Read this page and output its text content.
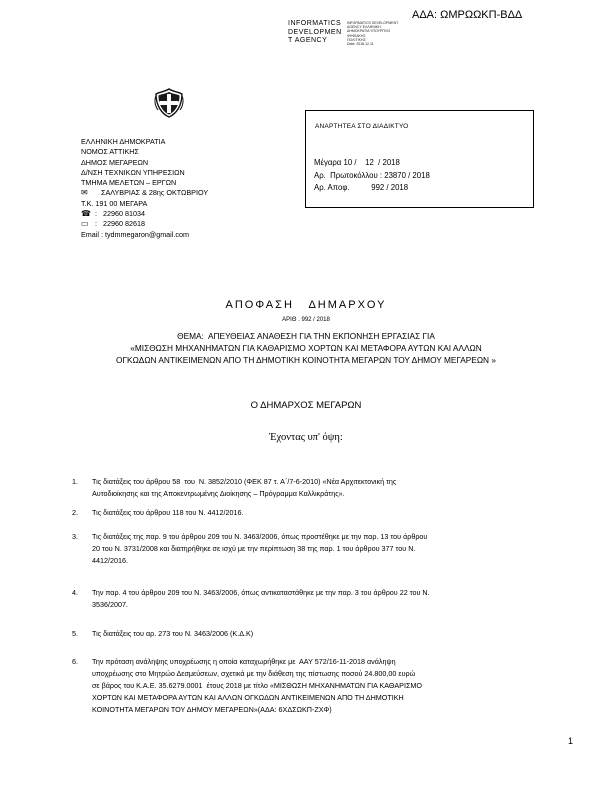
ΑΔΑ: ΩΜΡΩΩΚΠ-ΒΔΔ
INFORMATICS
DEVELOPMEN
T AGENCY
INFORMATICS DEVELOPMENT
AGENCY ΕΛΛΗΝΙΚΗ
ΔΗΜΟΚΡΑΤΙΑ ΥΠΟΥΡΓΕΙΟ
ΨΗΦΙΑΚΗΣ
ΠΟΛΙΤΙΚΗΣ
Date: 2018.12.11
ΕΛΛΗΝΙΚΗ ΔΗΜΟΚΡΑΤΙΑ
ΝΟΜΟΣ ΑΤΤΙΚΗΣ
ΔΗΜΟΣ ΜΕΓΑΡΕΩΝ
Δ/ΝΣΗ ΤΕΧΝΙΚΩΝ ΥΠΗΡΕΣΙΩΝ
ΤΜΗΜΑ ΜΕΛΕΤΩΝ – ΕΡΓΩΝ
✉ ΣΑΛΥΒΡΙΑΣ & 28ης ΟΚΤΩΒΡΙΟΥ
Τ.Κ. 191 00 ΜΕΓΑΡΑ
☎ : 22960 81034
▭ : 22960 82618
Email : tydmmegaron@gmail.com
ΑΝΑΡΤΗΤΕΑ ΣΤΟ ΔΙΑΔΙΚΤΥΟ
Μέγαρα 10 /    12  / 2018
Αρ.  Πρωτοκόλλου : 23870 / 2018
Αρ. Αποφ.          992 / 2018
ΑΠΟΦΑΣΗ   ΔΗΜΑΡΧΟΥ
ΑΡΙΘ . 992 / 2018
ΘΕΜΑ:  ΑΠΕΥΘΕΙΑΣ ΑΝΑΘΕΣΗ ΓΙΑ ΤΗΝ ΕΚΠΟΝΗΣΗ ΕΡΓΑΣΙΑΣ ΓΙΑ
«ΜΙΣΘΩΣΗ ΜΗΧΑΝΗΜΑΤΩΝ ΓΙΑ ΚΑΘΑΡΙΣΜΟ ΧΟΡΤΩΝ ΚΑΙ ΜΕΤΑΦΟΡΑ ΑΥΤΩΝ ΚΑΙ ΑΛΛΩΝ
ΟΓΚΩΔΩΝ ΑΝΤΙΚΕΙΜΕΝΩΝ ΑΠΟ ΤΗ ΔΗΜΟΤΙΚΗ ΚΟΙΝΟΤΗΤΑ ΜΕΓΑΡΩΝ ΤΟΥ ΔΗΜΟΥ ΜΕΓΑΡΕΩΝ »
Ο ΔΗΜΑΡΧΟΣ ΜΕΓΑΡΩΝ
Έχοντας υπ' όψη:
1. Τις διατάξεις του άρθρου 58  του  Ν. 3852/2010 (ΦΕΚ 87 τ. Α΄/7-6-2010) «Νέα Αρχιτεκτονική της
Αυτοδιοίκησης και της Αποκεντρωμένης Διοίκησης – Πρόγραμμα Καλλικράτης».
2. Τις διατάξεις του άρθρου 118 του Ν. 4412/2016.
3. Τις διατάξεις της παρ. 9 του άρθρου 209 του Ν. 3463/2006, όπως προστέθηκε με την παρ. 13 του άρθρου
20 του Ν. 3731/2008 και διατηρήθηκε σε ισχύ με την περίπτωση 38 της παρ. 1 του άρθρου 377 του Ν.
4412/2016.
4. Την παρ. 4 του άρθρου 209 του Ν. 3463/2006, όπως αντικαταστάθηκε με την παρ. 3 του άρθρου 22 του Ν.
3536/2007.
5. Τις διατάξεις του αρ. 273 του Ν. 3463/2006 (Κ.Δ.Κ)
6. Την πρόταση ανάληψης υποχρέωσης η οποία καταχωρήθηκε με  ΑΑΥ 572/16-11-2018 ανάληψη
υποχρέωσης στο Μητρώο Δεσμεύσεων, σχετικά με την διάθεση της πίστωσης ποσού 24.800,00 ευρώ
σε βάρος του Κ.Α.Ε. 35.6279.0001  έτους 2018 με τίτλο «ΜΙΣΘΩΣΗ ΜΗΧΑΝΗΜΑΤΩΝ ΓΙΑ ΚΑΘΑΡΙΣΜΟ
ΧΟΡΤΩΝ ΚΑΙ ΜΕΤΑΦΟΡΑ ΑΥΤΩΝ ΚΑΙ ΑΛΛΩΝ ΟΓΚΩΔΩΝ ΑΝΤΙΚΕΙΜΕΝΩΝ ΑΠΟ ΤΗ ΔΗΜΟΤΙΚΗ
ΚΟΙΝΟΤΗΤΑ ΜΕΓΑΡΩΝ ΤΟΥ ΔΗΜΟΥ ΜΕΓΑΡΕΩΝ»(ΑΔΑ: 6ΧΔΣΩΚΠ-ΖΧΦ)
1
